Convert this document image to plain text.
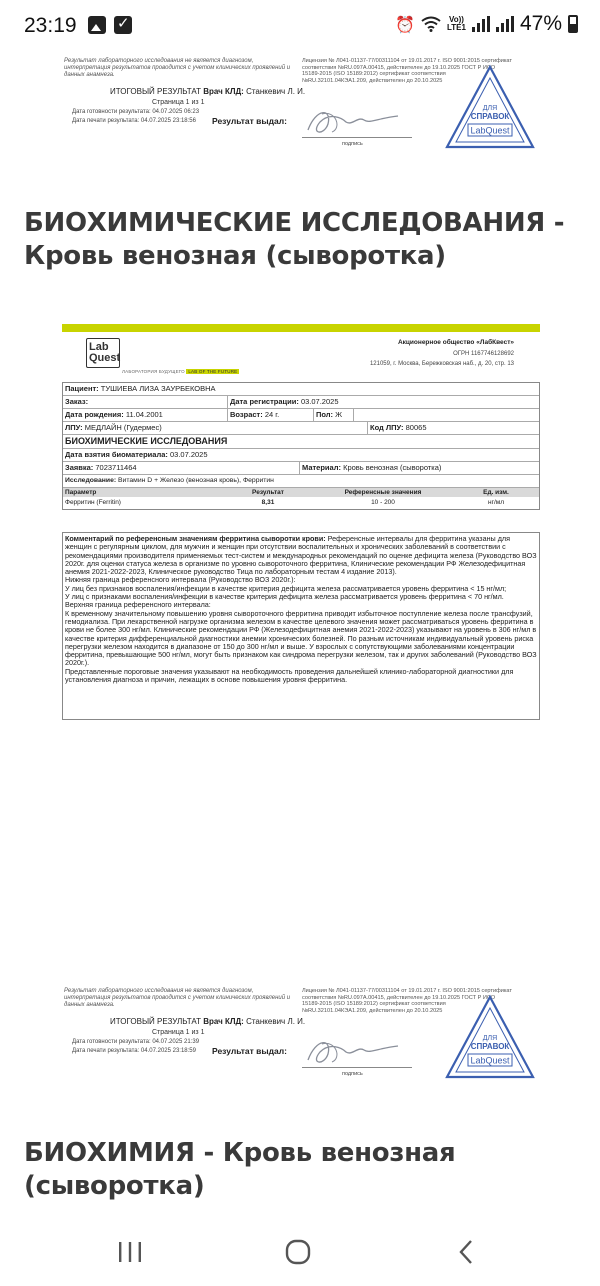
23:19
✓	⏰	Vo))
LTE1	47%
Результат лабораторного исследования не является диагнозом, интерпретация результатов проводится с учетом клинических проявлений и данных анамнеза.
Лицензия № Л041-01137-77/00311104 от 19.01.2017 г. ISO 9001:2015 сертификат соответствия №RU.097А.00415, действителен до 19.10.2025 ГОСТ Р ИСО 15189-2015 (ISO 15189:2012) сертификат соответствия №RU.32101.04КЭА1.209, действителен до 20.10.2025
ИТОГОВЫЙ РЕЗУЛЬТАТ Врач КЛД: Станкевич Л. И.
Страница 1 из 1
Дата готовности результата: 04.07.2025 06:23
Дата печати результата: 04.07.2025 23:18:56 Результат выдал:
подпись
ДЛЯ
СПРАВОК
LabQuest
БИОХИМИЧЕСКИЕ ИССЛЕДОВАНИЯ - Кровь венозная (сыворотка)
Lab
Quest
ЛАБОРАТОРИЯ БУДУЩЕГО LAB OF THE FUTURE
Акционерное общество «ЛабКвест»
ОГРН 1167746128692
121059, г. Москва, Бережковская наб., д. 20, стр. 13
Пациент: ТУШИЕВА ЛИЗА ЗАУРБЕКОВНА
Заказ:	Дата регистрации: 03.07.2025
Дата рождения: 11.04.2001	Возраст: 24 г.	Пол: Ж
ЛПУ: МЕДЛАЙН (Гудермес)	Код ЛПУ: 80065
БИОХИМИЧЕСКИЕ ИССЛЕДОВАНИЯ
Дата взятия биоматериала: 03.07.2025
Заявка: 7023711464	Материал: Кровь венозная (сыворотка)
Исследование: Витамин D + Железо (венозная кровь), Ферритин
Параметр	Результат	Референсные значения	Ед. изм.
Ферритин (Ferritin)	8,31	10 - 200	нг/мл

Комментарий по референсным значениям ферритина сыворотки крови: Референсные интервалы для ферритина указаны для женщин с регулярным циклом, для мужчин и женщин при отсутствии воспалительных и хронических заболеваний в соответствии с рекомендациями производителя применяемых тест-систем и международных рекомендаций по оценке дефицита железа (Руководство ВОЗ 2020г. для оценки статуса железа в организме по уровню сывороточного ферритина, Клинические рекомендации РФ Железодефицитная анемия 2021-2022-2023, Клиническое руководство Тица по лабораторным тестам 4 издание 2013).

Нижняя граница референсного интервала (Руководство ВОЗ 2020г.):

У лиц без признаков воспаления/инфекции в качестве критерия дефицита железа рассматривается уровень ферритина < 15 нг/мл;

У лиц с признаками воспаления/инфекции в качестве критерия дефицита железа рассматривается уровень ферритина < 70 нг/мл.

Верхняя граница референсного интервала:

К временному значительному повышению уровня сывороточного ферритина приводит избыточное поступление железа после трансфузий, гемодиализа. При лекарственной нагрузке организма железом в качестве целевого значения может рассматриваться уровень ферритина в крови не более 300 нг/мл. Клинические рекомендации РФ (Железодефицитная анемия 2021-2022-2023) указывают на уровень в 306 нг/мл в качестве критерия дифференциальной диагностики анемии хронических болезней. По разным источникам индивидуальный уровень риска перегрузки железом находится в диапазоне от 150 до 300 нг/мл и выше. У взрослых с сопутствующими заболеваниями концентрации ферритина, превышающие 500 нг/мл, могут быть признаком как синдрома перегрузки железом, так и других заболеваний (Руководство ВОЗ 2020г.).

Представленные пороговые значения указывают на необходимость проведения дальнейшей клинико-лабораторной диагностики для установления диагноза и причин, лежащих в основе повышения уровня ферритина.

Результат лабораторного исследования не является диагнозом, интерпретация результатов проводится с учетом клинических проявлений и данных анамнеза.
Лицензия № Л041-01137-77/00311104 от 19.01.2017 г. ISO 9001:2015 сертификат соответствия №RU.097А.00415, действителен до 19.10.2025 ГОСТ Р ИСО 15189-2015 (ISO 15189:2012) сертификат соответствия №RU.32101.04КЭА1.209, действителен до 20.10.2025
ИТОГОВЫЙ РЕЗУЛЬТАТ Врач КЛД: Станкевич Л. И.
Страница 1 из 1
Дата готовности результата: 04.07.2025 21:39
Дата печати результата: 04.07.2025 23:18:59 Результат выдал:
подпись
ДЛЯ
СПРАВОК
LabQuest
БИОХИМИЯ - Кровь венозная (сыворотка)
